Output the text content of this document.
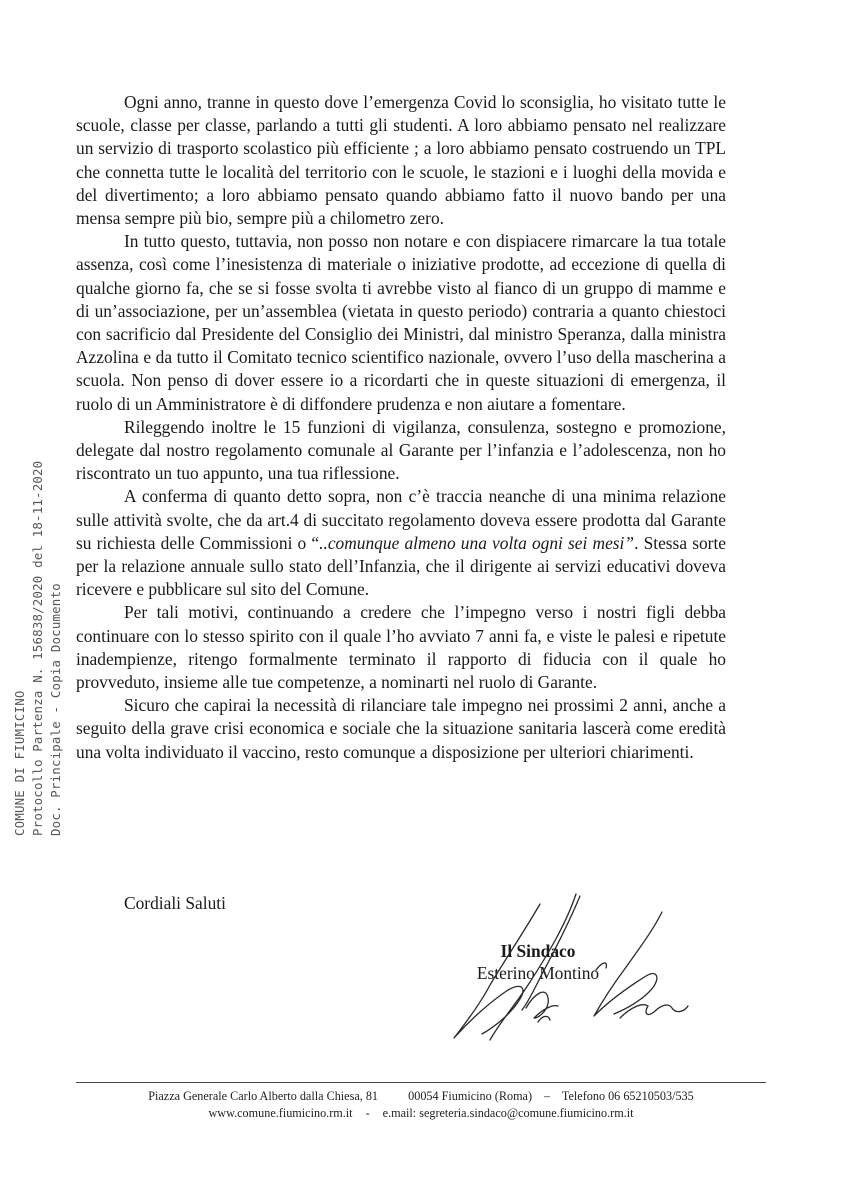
COMUNE DI FIUMICINO Protocollo Partenza N. 156838/2020 del 18-11-2020 Doc. Principale - Copia Documento

Ogni anno, tranne in questo dove l’emergenza Covid lo sconsiglia, ho visitato tutte le scuole, classe per classe, parlando a tutti gli studenti. A loro abbiamo pensato nel realizzare un servizio di trasporto scolastico più efficiente ; a loro abbiamo pensato costruendo un TPL che connetta tutte le località del territorio con le scuole, le stazioni e i luoghi della movida e del divertimento; a loro abbiamo pensato quando abbiamo fatto il nuovo bando per una mensa sempre più bio, sempre più a chilometro zero.

In tutto questo, tuttavia, non posso non notare e con dispiacere rimarcare la tua totale assenza, così come l’inesistenza di materiale o iniziative prodotte, ad eccezione di quella di qualche giorno fa, che se si fosse svolta ti avrebbe visto al fianco di un gruppo di mamme e di un’associazione, per un’assemblea (vietata in questo periodo) contraria a quanto chiestoci con sacrificio dal Presidente del Consiglio dei Ministri, dal ministro Speranza, dalla ministra Azzolina e da tutto il Comitato tecnico scientifico nazionale, ovvero l’uso della mascherina a scuola. Non penso di dover essere io a ricordarti che in queste situazioni di emergenza, il ruolo di un Amministratore è di diffondere prudenza e non aiutare a fomentare.

Rileggendo inoltre le 15 funzioni di vigilanza, consulenza, sostegno e promozione, delegate dal nostro regolamento comunale al Garante per l’infanzia e l’adolescenza, non ho riscontrato un tuo appunto, una tua riflessione.

A conferma di quanto detto sopra, non c’è traccia neanche di una minima relazione sulle attività svolte, che da art.4 di succitato regolamento doveva essere prodotta dal Garante su richiesta delle Commissioni o “..comunque almeno una volta ogni sei mesi”. Stessa sorte per la relazione annuale sullo stato dell’Infanzia, che il dirigente ai servizi educativi doveva ricevere e pubblicare sul sito del Comune.

Per tali motivi, continuando a credere che l’impegno verso i nostri figli debba continuare con lo stesso spirito con il quale l’ho avviato 7 anni fa, e viste le palesi e ripetute inadempienze, ritengo formalmente terminato il rapporto di fiducia con il quale ho provveduto, insieme alle tue competenze, a nominarti nel ruolo di Garante.

Sicuro che capirai la necessità di rilanciare tale impegno nei prossimi 2 anni, anche a seguito della grave crisi economica e sociale che la situazione sanitaria lascerà come eredità una volta individuato il vaccino, resto comunque a disposizione per ulteriori chiarimenti.

Cordiali Saluti
Il Sindaco
Esterino Montino
Piazza Generale Carlo Alberto dalla Chiesa, 81 00054 Fiumicino (Roma) – Telefono 06 65210503/535
www.comune.fiumicino.rm.it - e.mail: segreteria.sindaco@comune.fiumicino.rm.it
